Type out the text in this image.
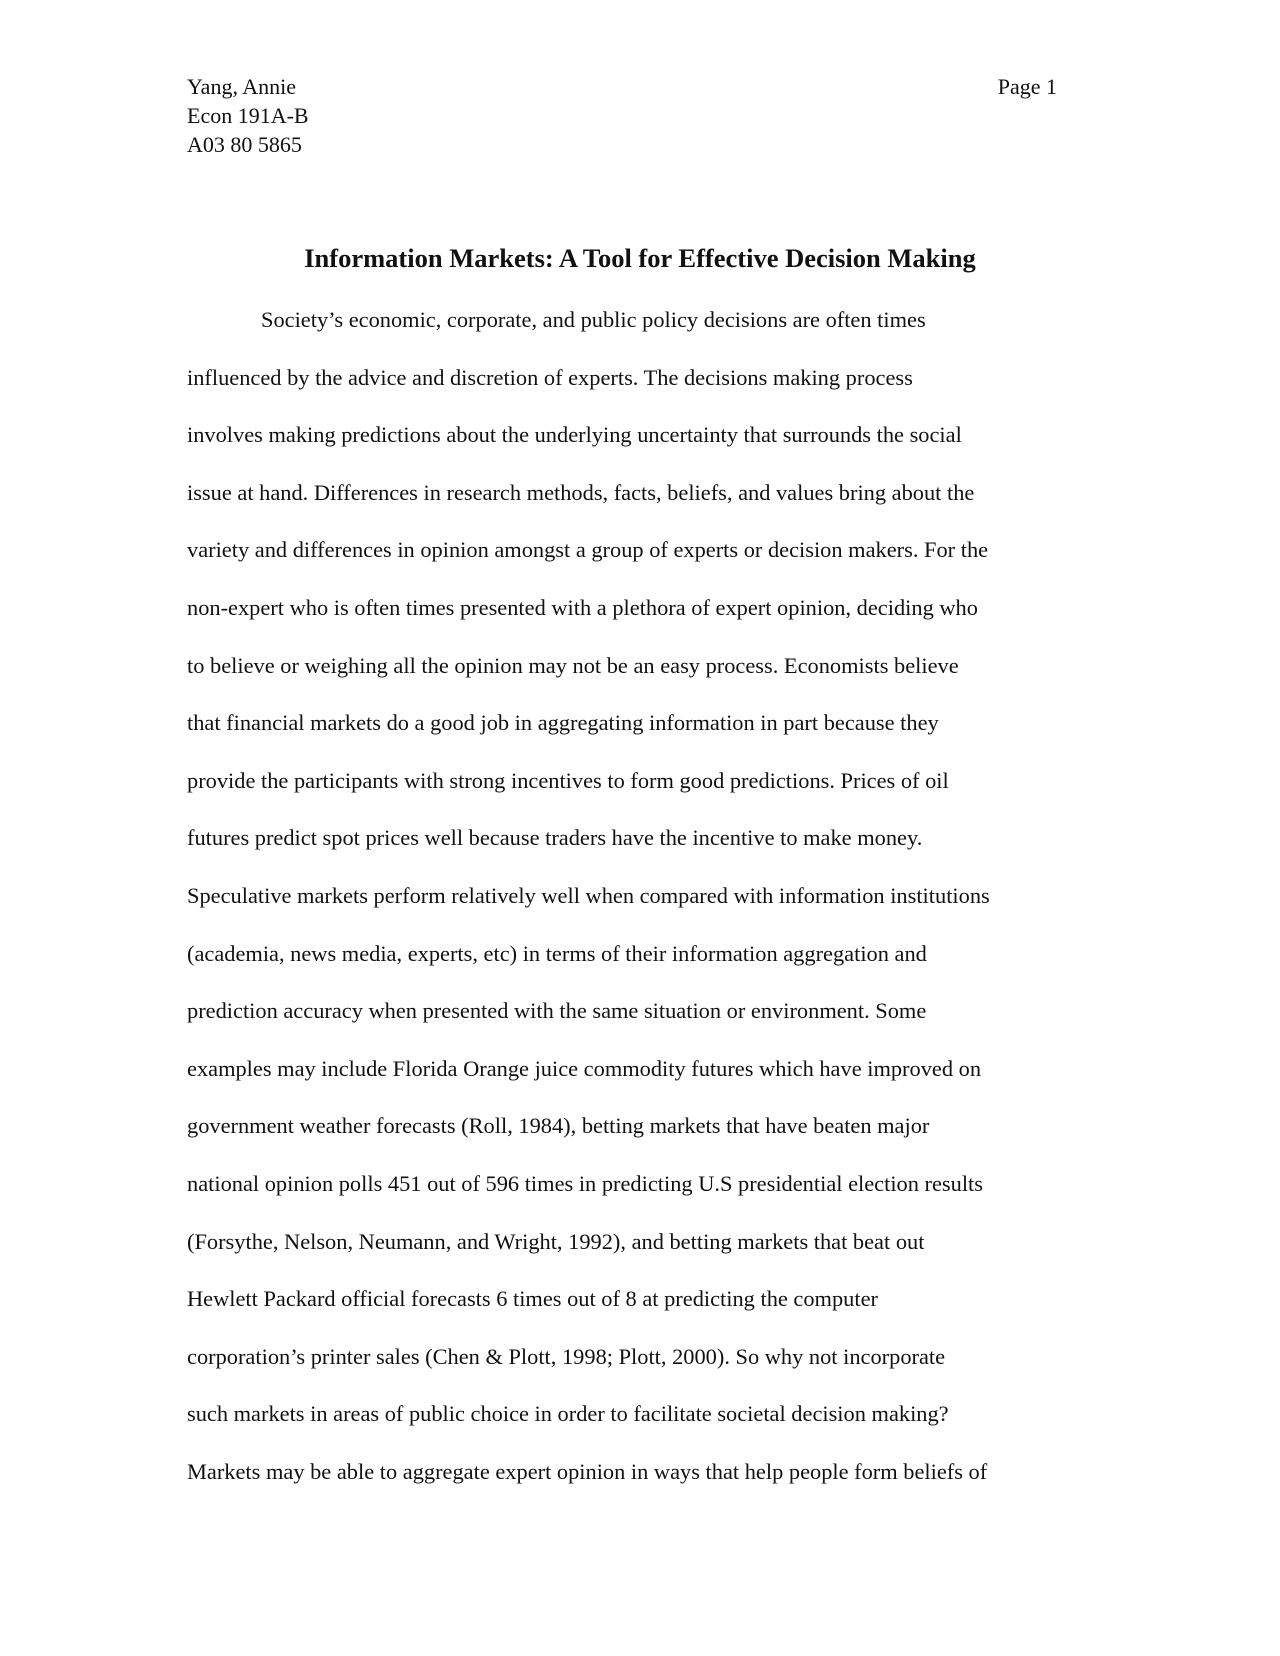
Yang, Annie
Econ 191A-B
A03 80 5865
Page 1
Information Markets: A Tool for Effective Decision Making
Society’s economic, corporate, and public policy decisions are often times
influenced by the advice and discretion of experts. The decisions making process
involves making predictions about the underlying uncertainty that surrounds the social
issue at hand. Differences in research methods, facts, beliefs, and values bring about the
variety and differences in opinion amongst a group of experts or decision makers. For the
non-expert who is often times presented with a plethora of expert opinion, deciding who
to believe or weighing all the opinion may not be an easy process. Economists believe
that financial markets do a good job in aggregating information in part because they
provide the participants with strong incentives to form good predictions. Prices of oil
futures predict spot prices well because traders have the incentive to make money.
Speculative markets perform relatively well when compared with information institutions
(academia, news media, experts, etc) in terms of their information aggregation and
prediction accuracy when presented with the same situation or environment. Some
examples may include Florida Orange juice commodity futures which have improved on
government weather forecasts (Roll, 1984), betting markets that have beaten major
national opinion polls 451 out of 596 times in predicting U.S presidential election results
(Forsythe, Nelson, Neumann, and Wright, 1992), and betting markets that beat out
Hewlett Packard official forecasts 6 times out of 8 at predicting the computer
corporation’s printer sales (Chen & Plott, 1998; Plott, 2000). So why not incorporate
such markets in areas of public choice in order to facilitate societal decision making?
Markets may be able to aggregate expert opinion in ways that help people form beliefs of
